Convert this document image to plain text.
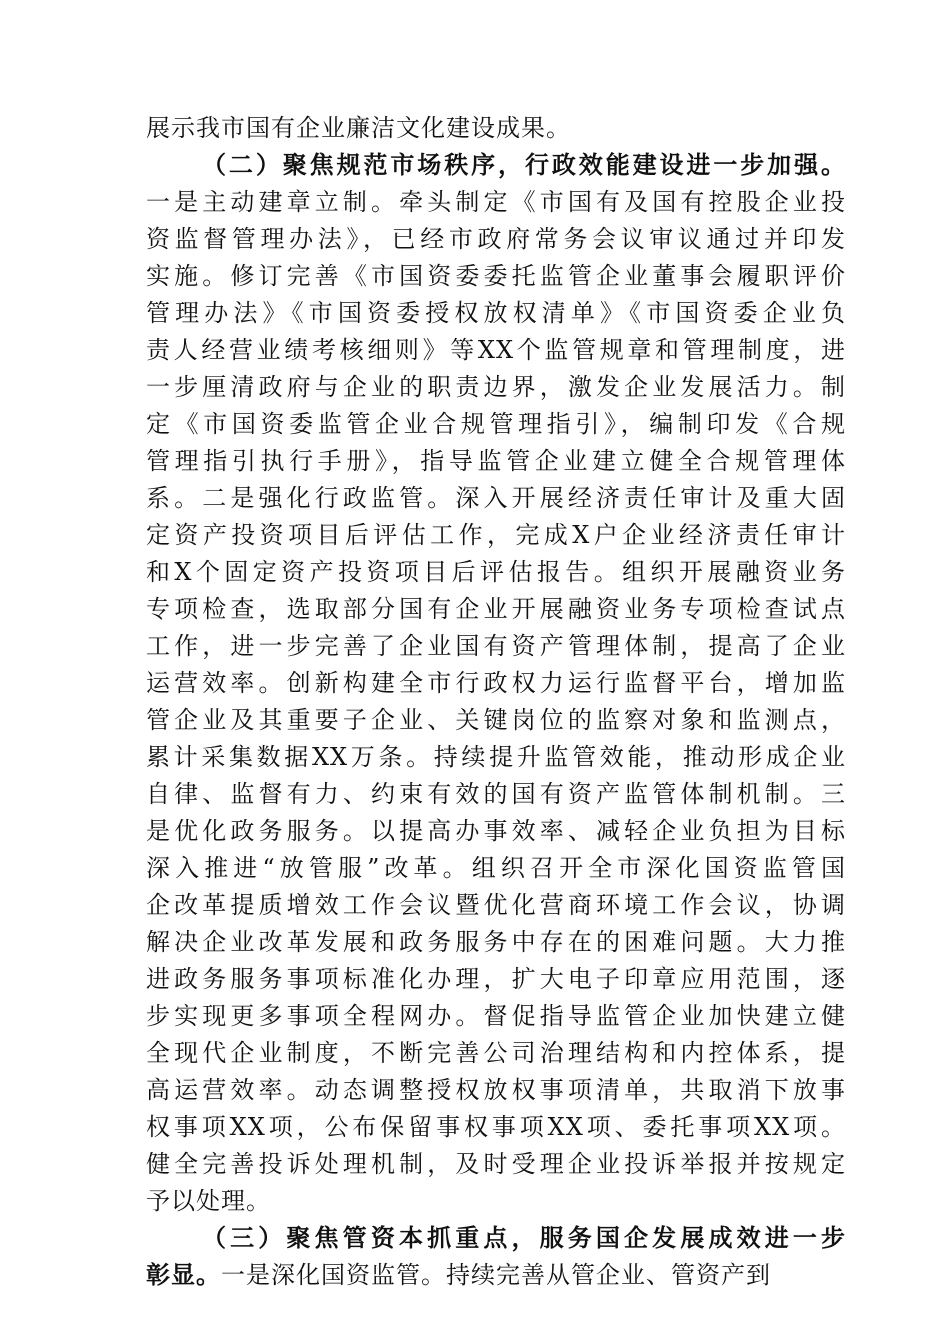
展示我市国有企业廉洁文化建设成果。
（二）聚焦规范市场秩序，行政效能建设进一步加强。
一是主动建章立制。牵头制定《市国有及国有控股企业投
资监督管理办法》，已经市政府常务会议审议通过并印发
实施。修订完善《市国资委委托监管企业董事会履职评价
管理办法》《市国资委授权放权清单》《市国资委企业负
责人经营业绩考核细则》等XX个监管规章和管理制度，进
一步厘清政府与企业的职责边界，激发企业发展活力。制
定《市国资委监管企业合规管理指引》，编制印发《合规
管理指引执行手册》，指导监管企业建立健全合规管理体
系。二是强化行政监管。深入开展经济责任审计及重大固
定资产投资项目后评估工作，完成X户企业经济责任审计
和X个固定资产投资项目后评估报告。组织开展融资业务
专项检查，选取部分国有企业开展融资业务专项检查试点
工作，进一步完善了企业国有资产管理体制，提高了企业
运营效率。创新构建全市行政权力运行监督平台，增加监
管企业及其重要子企业、关键岗位的监察对象和监测点，
累计采集数据XX万条。持续提升监管效能，推动形成企业
自律、监督有力、约束有效的国有资产监管体制机制。三
是优化政务服务。以提高办事效率、减轻企业负担为目标
深入推进“放管服”改革。组织召开全市深化国资监管国
企改革提质增效工作会议暨优化营商环境工作会议，协调
解决企业改革发展和政务服务中存在的困难问题。大力推
进政务服务事项标准化办理，扩大电子印章应用范围，逐
步实现更多事项全程网办。督促指导监管企业加快建立健
全现代企业制度，不断完善公司治理结构和内控体系，提
高运营效率。动态调整授权放权事项清单，共取消下放事
权事项XX项，公布保留事权事项XX项、委托事项XX项。
健全完善投诉处理机制，及时受理企业投诉举报并按规定
予以处理。
（三）聚焦管资本抓重点，服务国企发展成效进一步
彰显。一是深化国资监管。持续完善从管企业、管资产到
